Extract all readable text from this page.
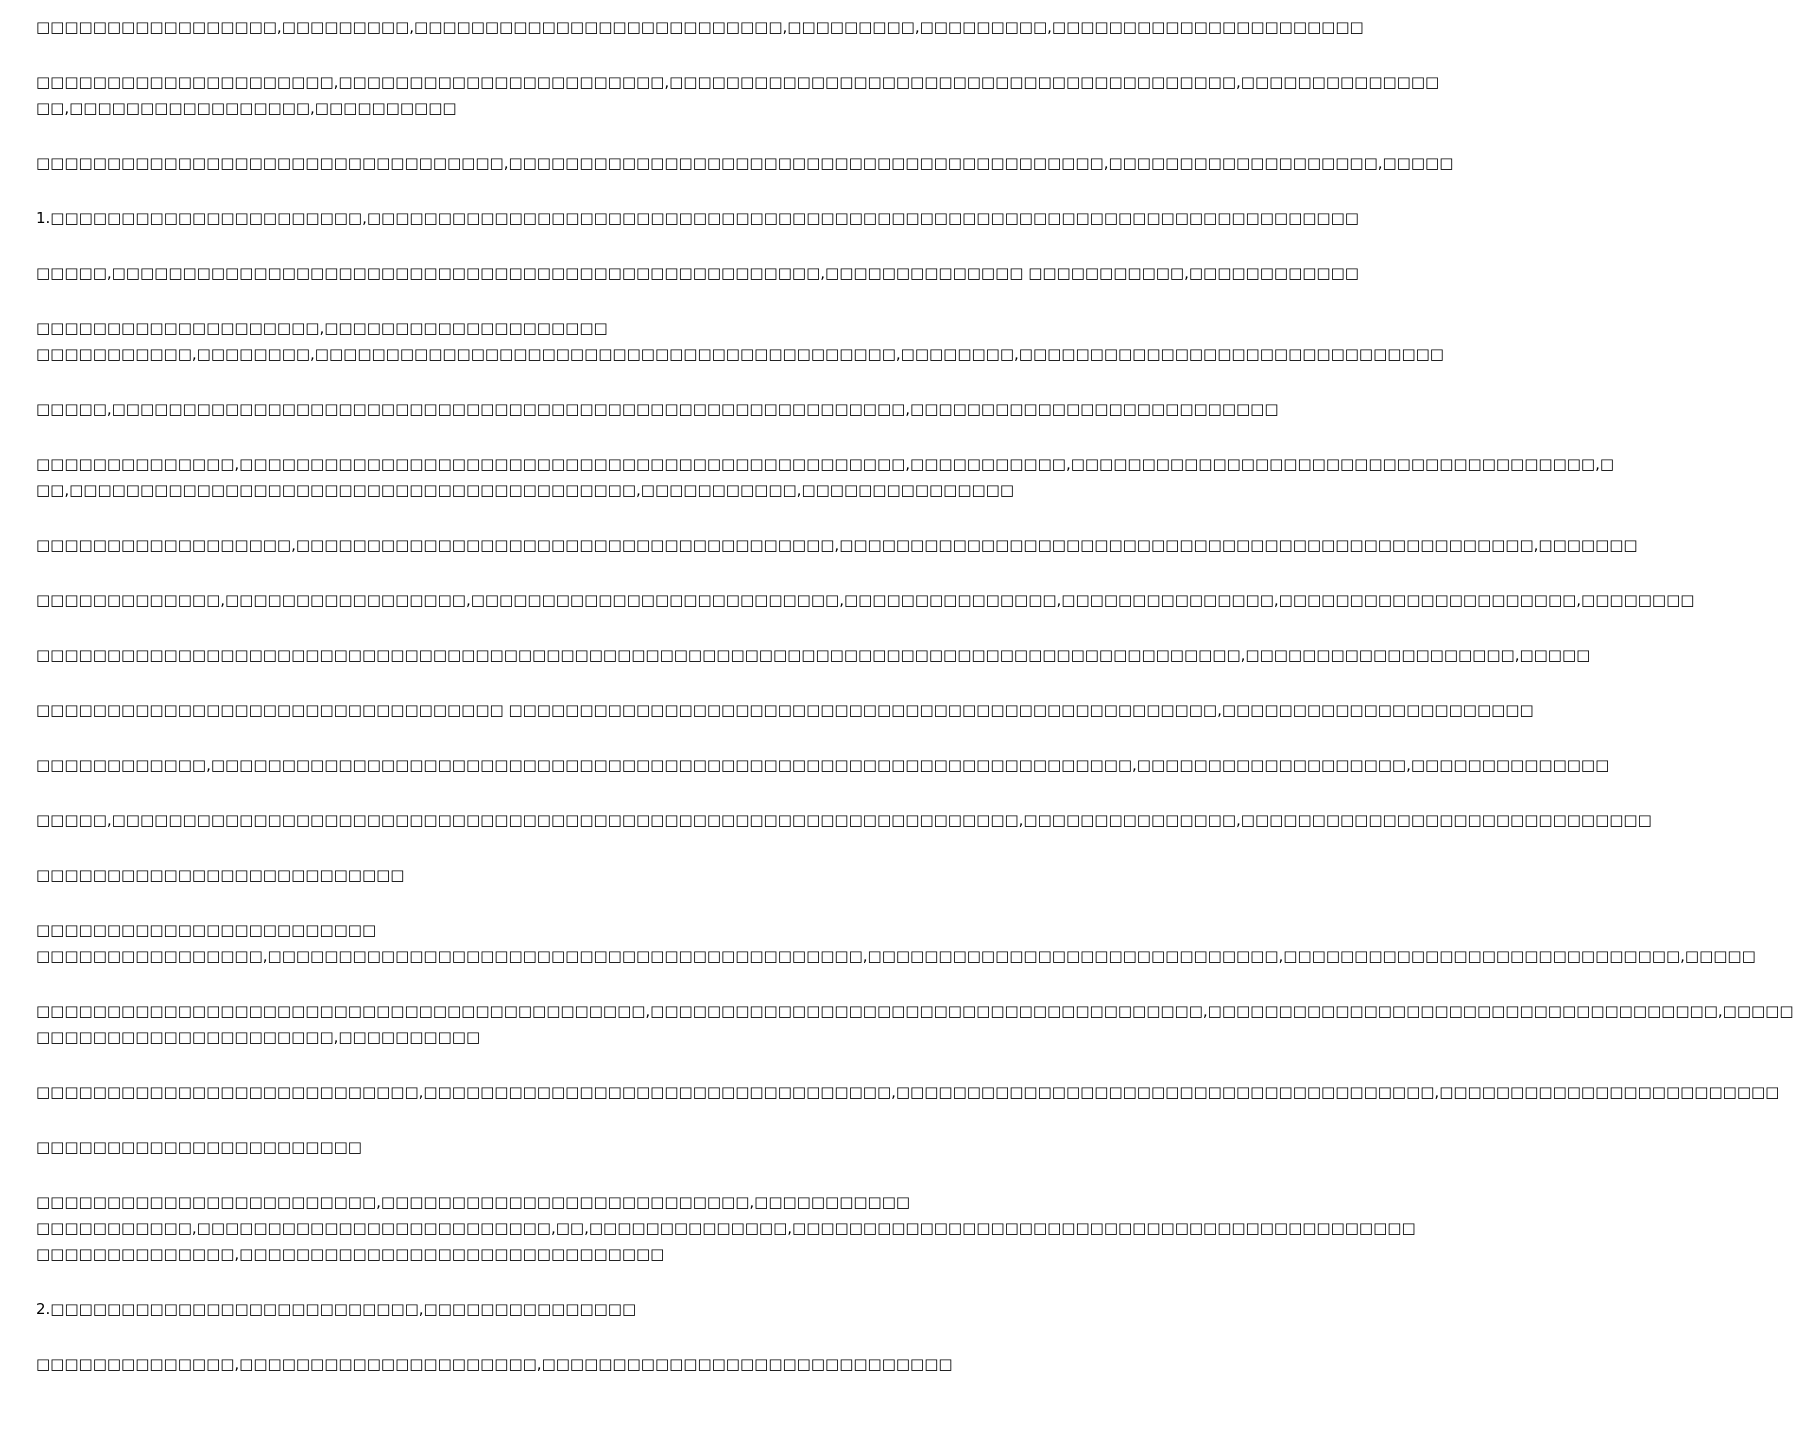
□□□□□□□□□□□□□□□□□,□□□□□□□□□,□□□□□□□□□□□□□□□□□□□□□□□□□□,□□□□□□□□□,□□□□□□□□□,□□□□□□□□□□□□□□□□□□□□□□
□□□□□□□□□□□□□□□□□□□□□,□□□□□□□□□□□□□□□□□□□□□□□,□□□□□□□□□□□□□□□□□□□□□□□□□□□□□□□□□□□□□□□□,□□□□□□□□□□□□□□
□□,□□□□□□□□□□□□□□□□□,□□□□□□□□□□
□□□□□□□□□□□□□□□□□□□□□□□□□□□□□□□□□,□□□□□□□□□□□□□□□□□□□□□□□□□□□□□□□□□□□□□□□□□□,□□□□□□□□□□□□□□□□□□□,□□□□□
1.□□□□□□□□□□□□□□□□□□□□□□,□□□□□□□□□□□□□□□□□□□□□□□□□□□□□□□□□□□□□□□□□□□□□□□□□□□□□□□□□□□□□□□□□□□□□□
□□□□□,□□□□□□□□□□□□□□□□□□□□□□□□□□□□□□□□□□□□□□□□□□□□□□□□□□,□□□□□□□□□□□□□□ □□□□□□□□□□□,□□□□□□□□□□□□
□□□□□□□□□□□□□□□□□□□□,□□□□□□□□□□□□□□□□□□□□
□□□□□□□□□□□,□□□□□□□□,□□□□□□□□□□□□□□□□□□□□□□□□□□□□□□□□□□□□□□□□□,□□□□□□□□,□□□□□□□□□□□□□□□□□□□□□□□□□□□□□□
□□□□□,□□□□□□□□□□□□□□□□□□□□□□□□□□□□□□□□□□□□□□□□□□□□□□□□□□□□□□□□,□□□□□□□□□□□□□□□□□□□□□□□□□□
□□□□□□□□□□□□□□,□□□□□□□□□□□□□□□□□□□□□□□□□□□□□□□□□□□□□□□□□□□□□□□,□□□□□□□□□□□,□□□□□□□□□□□□□□□□□□□□□□□□□□□□□□□□□□□□□,□
□□,□□□□□□□□□□□□□□□□□□□□□□□□□□□□□□□□□□□□□□□□,□□□□□□□□□□□,□□□□□□□□□□□□□□□
□□□□□□□□□□□□□□□□□□,□□□□□□□□□□□□□□□□□□□□□□□□□□□□□□□□□□□□□□,□□□□□□□□□□□□□□□□□□□□□□□□□□□□□□□□□□□□□□□□□□□□□□□□□,□□□□□□□
□□□□□□□□□□□□□,□□□□□□□□□□□□□□□□□,□□□□□□□□□□□□□□□□□□□□□□□□□□,□□□□□□□□□□□□□□□,□□□□□□□□□□□□□□□,□□□□□□□□□□□□□□□□□□□□□,□□□□□□□□
□□□□□□□□□□□□□□□□□□□□□□□□□□□□□□□□□□□□□□□□□□□□□□□□□□□□□□□□□□□□□□□□□□□□□□□□□□□□□□□□□□□□□,□□□□□□□□□□□□□□□□□□□,□□□□□
□□□□□□□□□□□□□□□□□□□□□□□□□□□□□□□□□ □□□□□□□□□□□□□□□□□□□□□□□□□□□□□□□□□□□□□□□□□□□□□□□□□□,□□□□□□□□□□□□□□□□□□□□□□
□□□□□□□□□□□□,□□□□□□□□□□□□□□□□□□□□□□□□□□□□□□□□□□□□□□□□□□□□□□□□□□□□□□□□□□□□□□□□□,□□□□□□□□□□□□□□□□□□□,□□□□□□□□□□□□□□
□□□□□,□□□□□□□□□□□□□□□□□□□□□□□□□□□□□□□□□□□□□□□□□□□□□□□□□□□□□□□□□□□□□□□□,□□□□□□□□□□□□□□□,□□□□□□□□□□□□□□□□□□□□□□□□□□□□□
□□□□□□□□□□□□□□□□□□□□□□□□□□
□□□□□□□□□□□□□□□□□□□□□□□□
□□□□□□□□□□□□□□□□,□□□□□□□□□□□□□□□□□□□□□□□□□□□□□□□□□□□□□□□□□□,□□□□□□□□□□□□□□□□□□□□□□□□□□□□□,□□□□□□□□□□□□□□□□□□□□□□□□□□□□,□□□□□
□□□□□□□□□□□□□□□□□□□□□□□□□□□□□□□□□□□□□□□□□□□,□□□□□□□□□□□□□□□□□□□□□□□□□□□□□□□□□□□□□□□,□□□□□□□□□□□□□□□□□□□□□□□□□□□□□□□□□□□□,□□□□□
□□□□□□□□□□□□□□□□□□□□□,□□□□□□□□□□
□□□□□□□□□□□□□□□□□□□□□□□□□□□,□□□□□□□□□□□□□□□□□□□□□□□□□□□□□□□□□,□□□□□□□□□□□□□□□□□□□□□□□□□□□□□□□□□□□□□□,□□□□□□□□□□□□□□□□□□□□□□□□
□□□□□□□□□□□□□□□□□□□□□□□
□□□□□□□□□□□□□□□□□□□□□□□□,□□□□□□□□□□□□□□□□□□□□□□□□□□,□□□□□□□□□□□
□□□□□□□□□□□,□□□□□□□□□□□□□□□□□□□□□□□□□,□□,□□□□□□□□□□□□□□,□□□□□□□□□□□□□□□□□□□□□□□□□□□□□□□□□□□□□□□□□□□□
□□□□□□□□□□□□□□,□□□□□□□□□□□□□□□□□□□□□□□□□□□□□□
2.□□□□□□□□□□□□□□□□□□□□□□□□□□,□□□□□□□□□□□□□□□
□□□□□□□□□□□□□□,□□□□□□□□□□□□□□□□□□□□□,□□□□□□□□□□□□□□□□□□□□□□□□□□□□□
